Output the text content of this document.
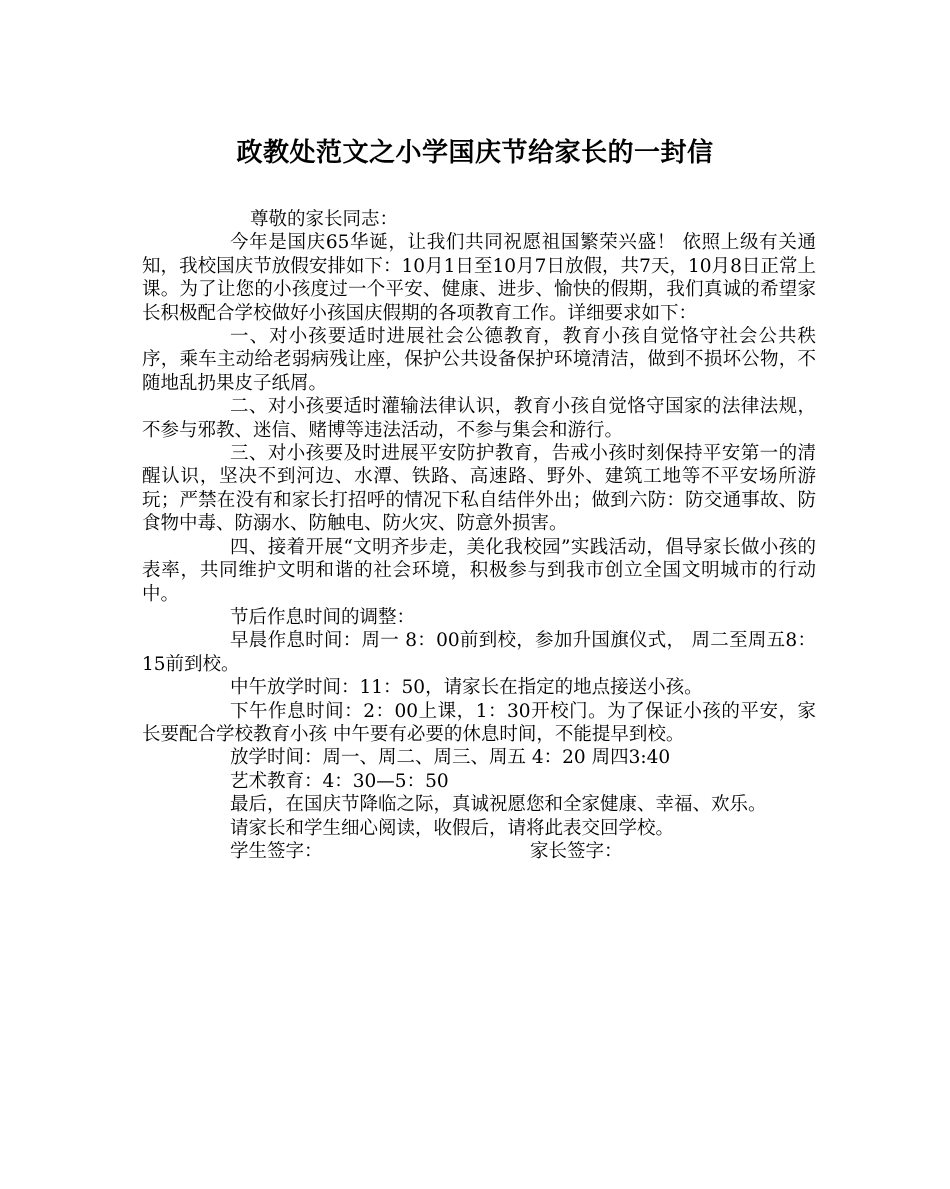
政教处范文之小学国庆节给家长的一封信

尊敬的家长同志：

今年是国庆65华诞，让我们共同祝愿祖国繁荣兴盛！ 依照上级有关通知，我校国庆节放假安排如下：10月1日至10月7日放假，共7天，10月8日正常上课。为了让您的小孩度过一个平安、健康、进步、愉快的假期，我们真诚的希望家长积极配合学校做好小孩国庆假期的各项教育工作。详细要求如下：

一、对小孩要适时进展社会公德教育，教育小孩自觉恪守社会公共秩序，乘车主动给老弱病残让座，保护公共设备保护环境清洁，做到不损坏公物，不随地乱扔果皮子纸屑。

二、对小孩要适时灌输法律认识，教育小孩自觉恪守国家的法律法规，不参与邪教、迷信、赌博等违法活动，不参与集会和游行。

三、对小孩要及时进展平安防护教育，告戒小孩时刻保持平安第一的清醒认识，坚决不到河边、水潭、铁路、高速路、野外、建筑工地等不平安场所游玩；严禁在没有和家长打招呼的情况下私自结伴外出；做到六防：防交通事故、防食物中毒、防溺水、防触电、防火灾、防意外损害。

四、接着开展“文明齐步走，美化我校园”实践活动，倡导家长做小孩的表率，共同维护文明和谐的社会环境，积极参与到我市创立全国文明城市的行动中。

节后作息时间的调整：

早晨作息时间：周一 8：00前到校，参加升国旗仪式， 周二至周五8：15前到校。

中午放学时间：11：50，请家长在指定的地点接送小孩。

下午作息时间：2：00上课，1：30开校门。为了保证小孩的平安，家长要配合学校教育小孩 中午要有必要的休息时间，不能提早到校。

放学时间：周一、周二、周三、周五 4：20 周四3:40

艺术教育：4：30—5：50

最后，在国庆节降临之际，真诚祝愿您和全家健康、幸福、欢乐。

请家长和学生细心阅读，收假后，请将此表交回学校。

学生签字：	家长签字：
